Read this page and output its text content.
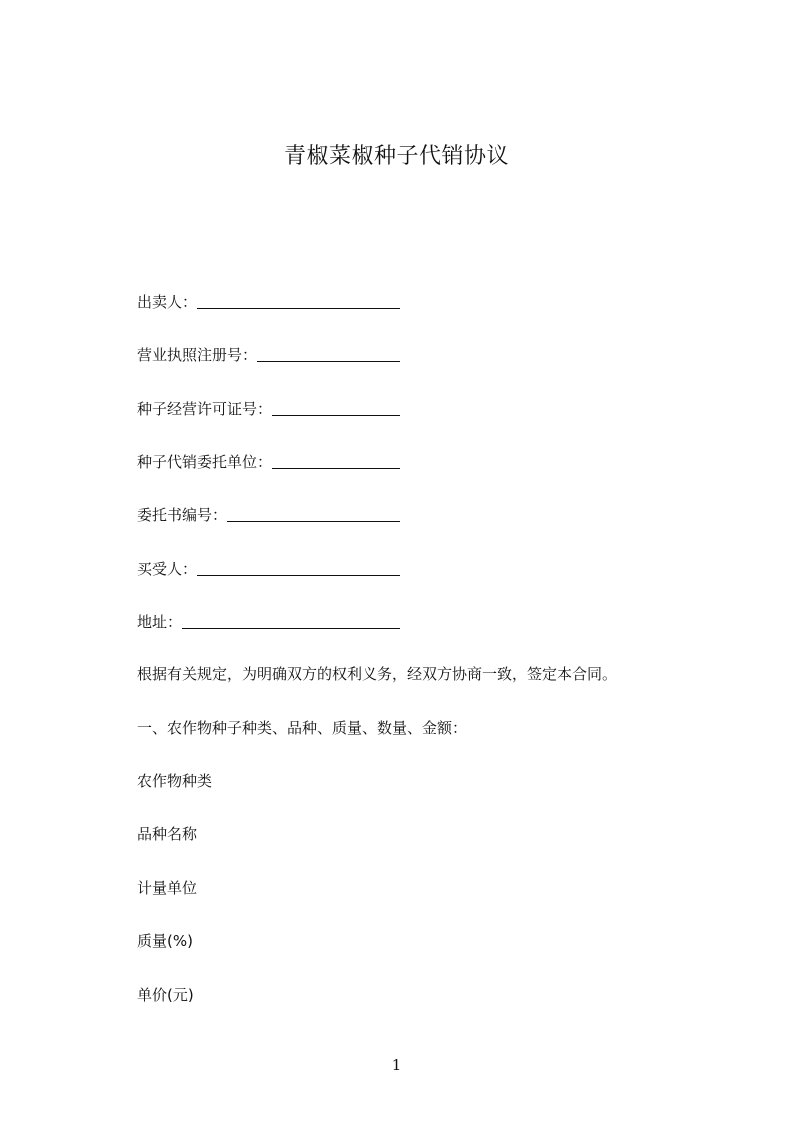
青椒菜椒种子代销协议
出卖人：
营业执照注册号：
种子经营许可证号：
种子代销委托单位：
委托书编号：
买受人：
地址：
根据有关规定，为明确双方的权利义务，经双方协商一致，签定本合同。
一、农作物种子种类、品种、质量、数量、金额：
农作物种类
品种名称
计量单位
质量(%)
单价(元)
1
